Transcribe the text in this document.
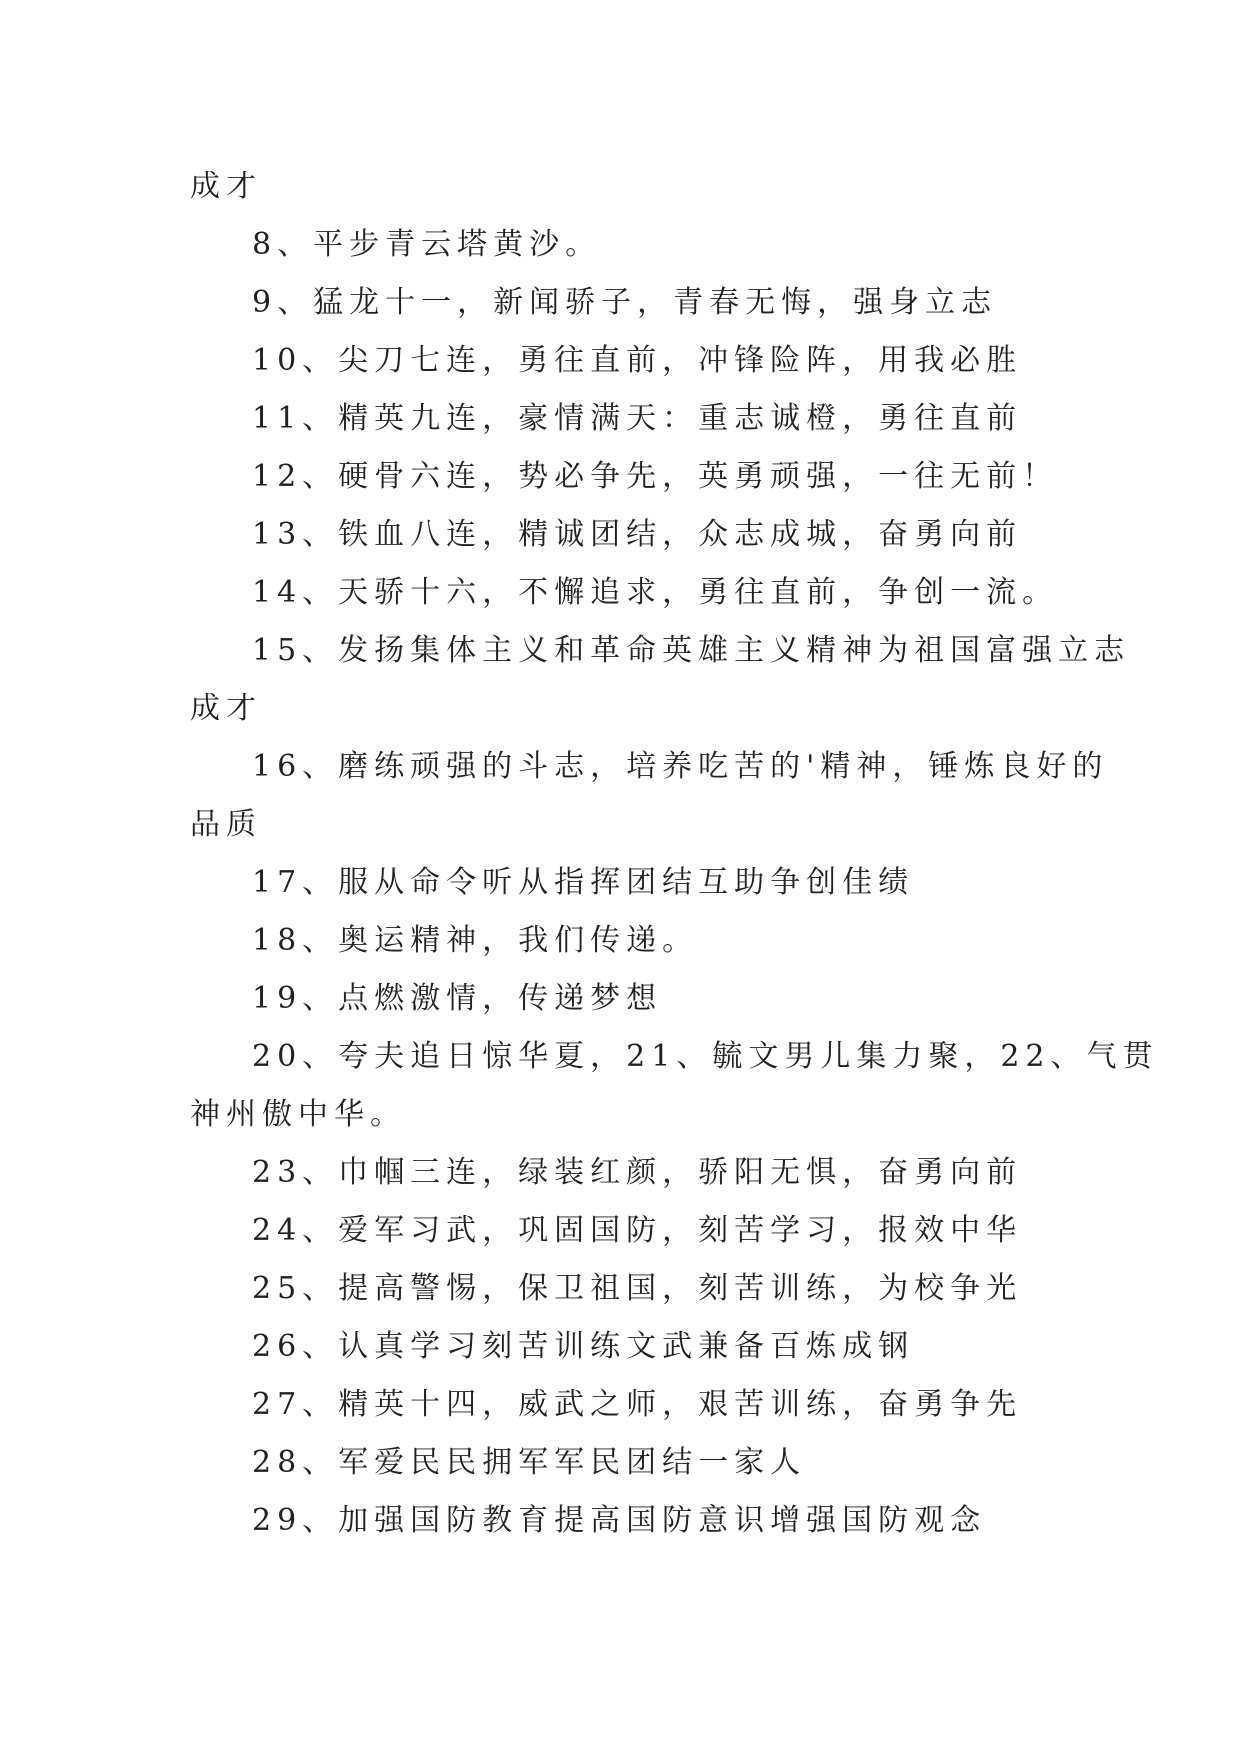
成才
8、平步青云塔黄沙。
9、猛龙十一，新闻骄子，青春无悔，强身立志
10、尖刀七连，勇往直前，冲锋险阵，用我必胜
11、精英九连，豪情满天：重志诚橙，勇往直前
12、硬骨六连，势必争先，英勇顽强，一往无前！
13、铁血八连，精诚团结，众志成城，奋勇向前
14、天骄十六，不懈追求，勇往直前，争创一流。
15、发扬集体主义和革命英雄主义精神为祖国富强立志
成才
16、磨练顽强的斗志，培养吃苦的'精神，锤炼良好的
品质
17、服从命令听从指挥团结互助争创佳绩
18、奥运精神，我们传递。
19、点燃激情，传递梦想
20、夸夫追日惊华夏，21、毓文男儿集力聚，22、气贯
神州傲中华。
23、巾帼三连，绿装红颜，骄阳无惧，奋勇向前
24、爱军习武，巩固国防，刻苦学习，报效中华
25、提高警惕，保卫祖国，刻苦训练，为校争光
26、认真学习刻苦训练文武兼备百炼成钢
27、精英十四，威武之师，艰苦训练，奋勇争先
28、军爱民民拥军军民团结一家人
29、加强国防教育提高国防意识增强国防观念
